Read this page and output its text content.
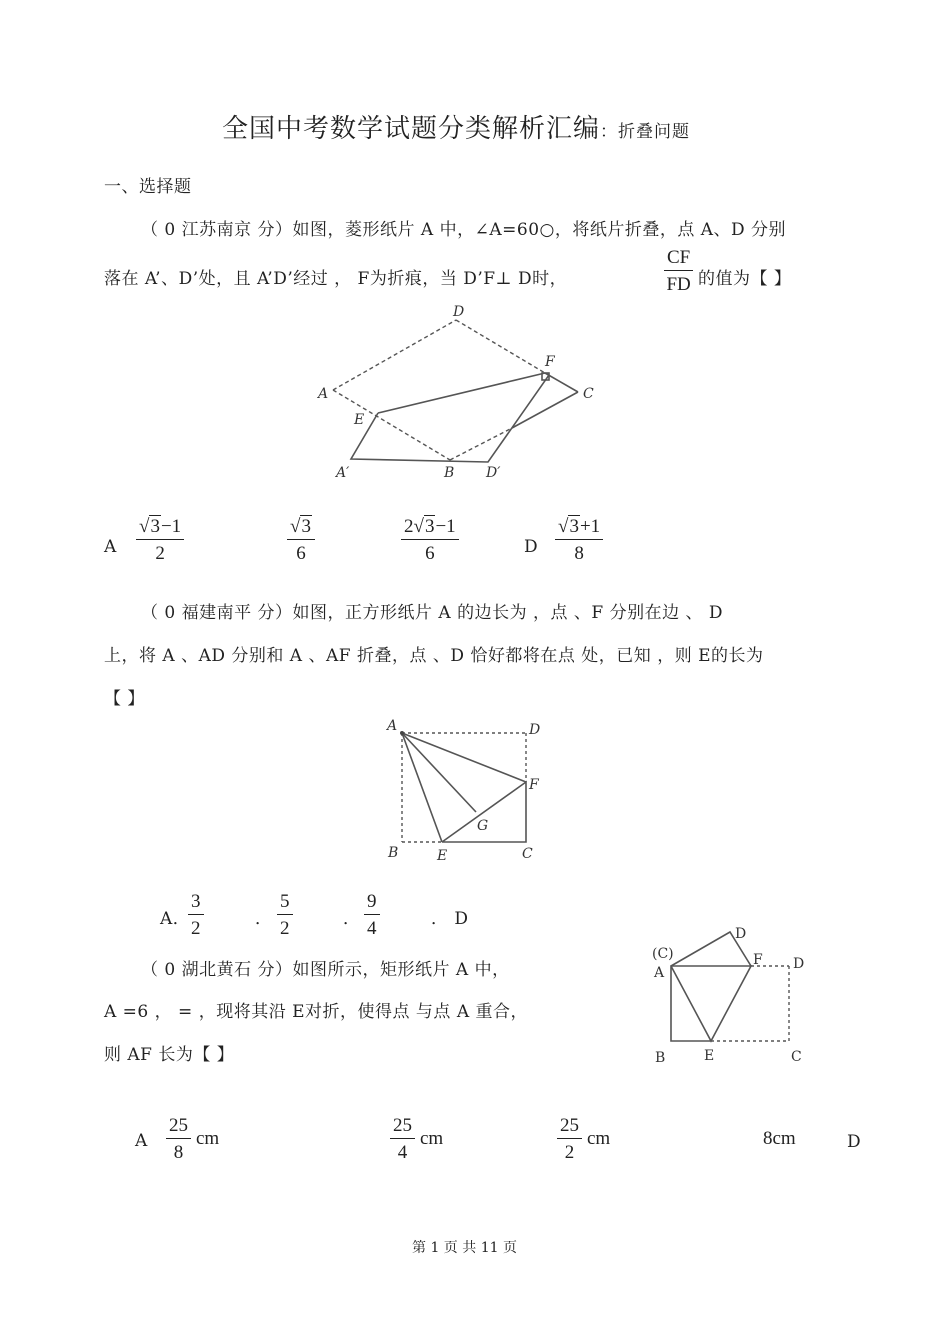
全国中考数学试题分类解析汇编：折叠问题
一、选择题
（ 0 江苏南京 分）如图，菱形纸片 A 中，∠A=60○，将纸片折叠，点 A、D 分别
落在 A’、D’处，且 A’D’经过 ， F为折痕，当 D’F⊥ D时，	$\frac{CF}{FD}$ 的值为【 】
D
F
A	C
E
A′	B D′
A $\frac{√3-1}{2}$	$\frac{√3}{6}$	$\frac{2√3-1}{6}$	D $\frac{√3+1}{8}$
（ 0 福建南平 分）如图，正方形纸片 A 的边长为 ，点 、F 分别在边 、 D
上，将 A 、AD 分别和 A 、AF 折叠，点 、D 恰好都将在点 处，已知 ，则 E的长为
【 】
A	D
F
G
B	E	C
A．
$\frac{3}{2}$	． $\frac{5}{2}$	． $\frac{9}{4}$	． D
（ 0 湖北黄石 分）如图所示，矩形纸片 A 中，
A =6 ， = ，现将其沿 E对折，使得点 与点 A 重合，
则 AF 长为【 】
(C)
D
A
F D
B	E	C
A $\frac{25}{8}$ cm	$\frac{25}{4}$ cm	$\frac{25}{2}$ cm	8cm	D
第 1 页 共 11 页
